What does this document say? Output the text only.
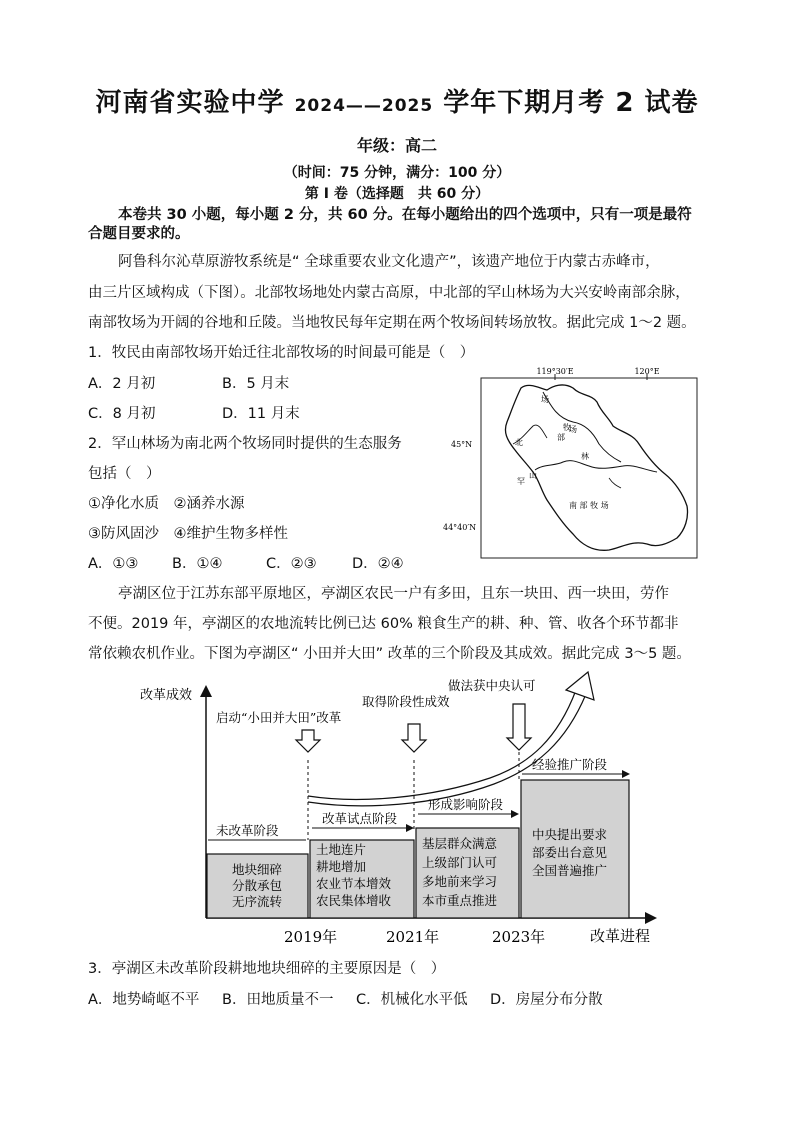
河南省实验中学 2024——2025 学年下期月考 2 试卷
年级：高二
（时间：75 分钟，满分：100 分）
第 I 卷（选择题　共 60 分）
本卷共 30 小题，每小题 2 分，共 60 分。在每小题给出的四个选项中，只有一项是最符
合题目要求的。
阿鲁科尔沁草原游牧系统是“ 全球重要农业文化遗产”，该遗产地位于内蒙古赤峰市，
由三片区域构成（下图）。北部牧场地处内蒙古高原，中北部的罕山林场为大兴安岭南部余脉，
南部牧场为开阔的谷地和丘陵。当地牧民每年定期在两个牧场间转场放牧。据此完成 1～2 题。
1．牧民由南部牧场开始迁往北部牧场的时间最可能是（　）
A．2 月初	B．5 月末
C．8 月初	D．11 月末
2．罕山林场为南北两个牧场同时提供的生态服务
包括（　）
①净化水质　②涵养水源
③防风固沙　④维护生物多样性
A．①③ B．①④	C．②③ D．②④
119°30′E	120°E
45°N
44°40′N
场
牧
部
北
场
林
山
罕
南 部 牧 场
亭湖区位于江苏东部平原地区，亭湖区农民一户有多田，且东一块田、西一块田，劳作
不便。2019 年，亭湖区的农地流转比例已达 60% 粮食生产的耕、种、管、收各个环节都非
常依赖农机作业。下图为亭湖区“ 小田并大田” 改革的三个阶段及其成效。据此完成 3～5 题。
改革成效
改革进程
2019年	2021年	2023年
未改革阶段
改革试点阶段
形成影响阶段
经验推广阶段
地块细碎
分散承包
无序流转
土地连片
耕地增加
农业节本增效
农民集体增收
基层群众满意
上级部门认可
多地前来学习
本市重点推进
中央提出要求
部委出台意见
全国普遍推广
启动“小田并大田”改革
取得阶段性成效
做法获中央认可
3．亭湖区未改革阶段耕地地块细碎的主要原因是（　）
A．地势崎岖不平 B．田地质量不一 C．机械化水平低 D．房屋分布分散
